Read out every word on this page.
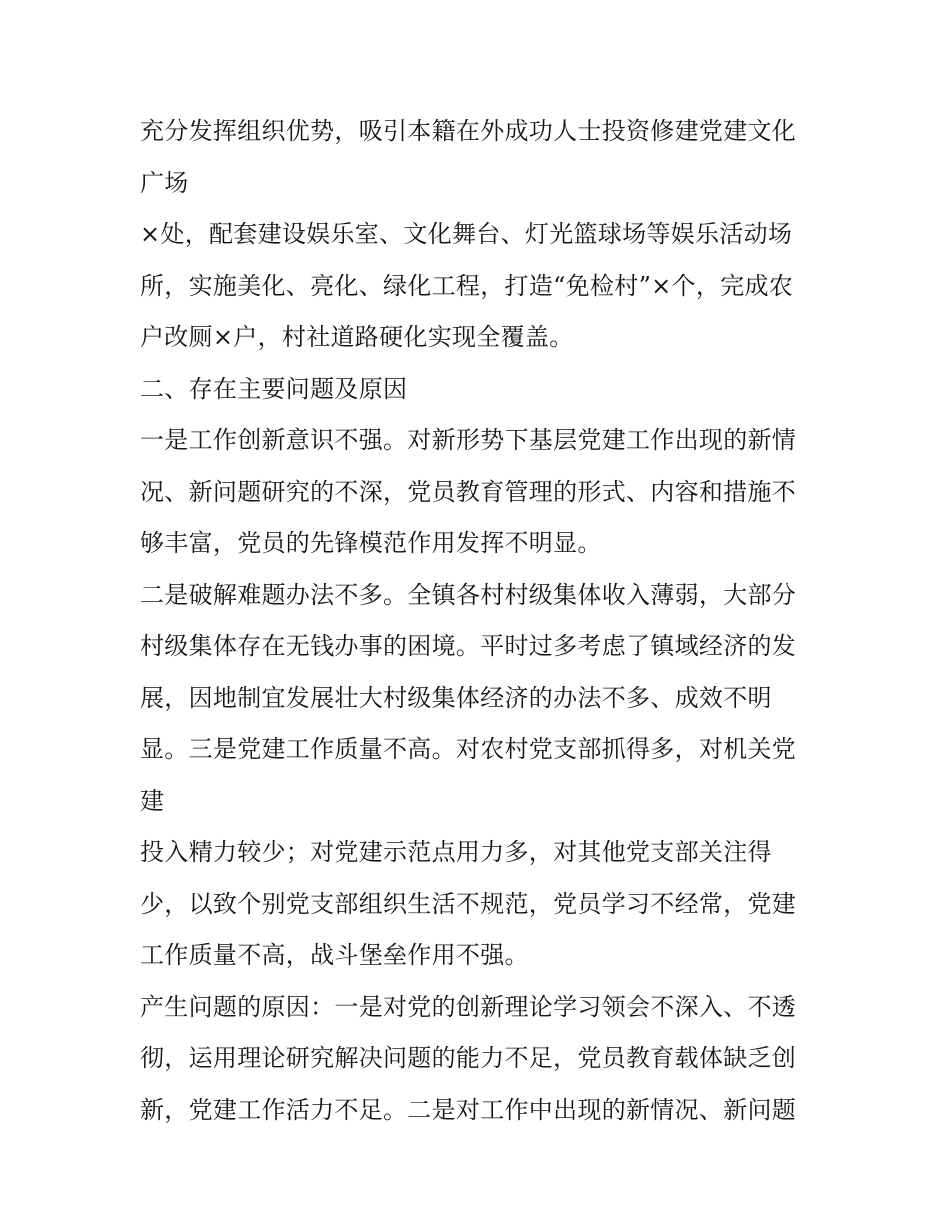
充分发挥组织优势，吸引本籍在外成功人士投资修建党建文化
广场
×处，配套建设娱乐室、文化舞台、灯光篮球场等娱乐活动场
所，实施美化、亮化、绿化工程，打造“免检村”×个，完成农
户改厕×户，村社道路硬化实现全覆盖。
二、存在主要问题及原因
一是工作创新意识不强。对新形势下基层党建工作出现的新情
况、新问题研究的不深，党员教育管理的形式、内容和措施不
够丰富，党员的先锋模范作用发挥不明显。
二是破解难题办法不多。全镇各村村级集体收入薄弱，大部分
村级集体存在无钱办事的困境。平时过多考虑了镇域经济的发
展，因地制宜发展壮大村级集体经济的办法不多、成效不明
显。三是党建工作质量不高。对农村党支部抓得多，对机关党
建
投入精力较少；对党建示范点用力多，对其他党支部关注得
少，以致个别党支部组织生活不规范，党员学习不经常，党建
工作质量不高，战斗堡垒作用不强。
产生问题的原因：一是对党的创新理论学习领会不深入、不透
彻，运用理论研究解决问题的能力不足，党员教育载体缺乏创
新，党建工作活力不足。二是对工作中出现的新情况、新问题
